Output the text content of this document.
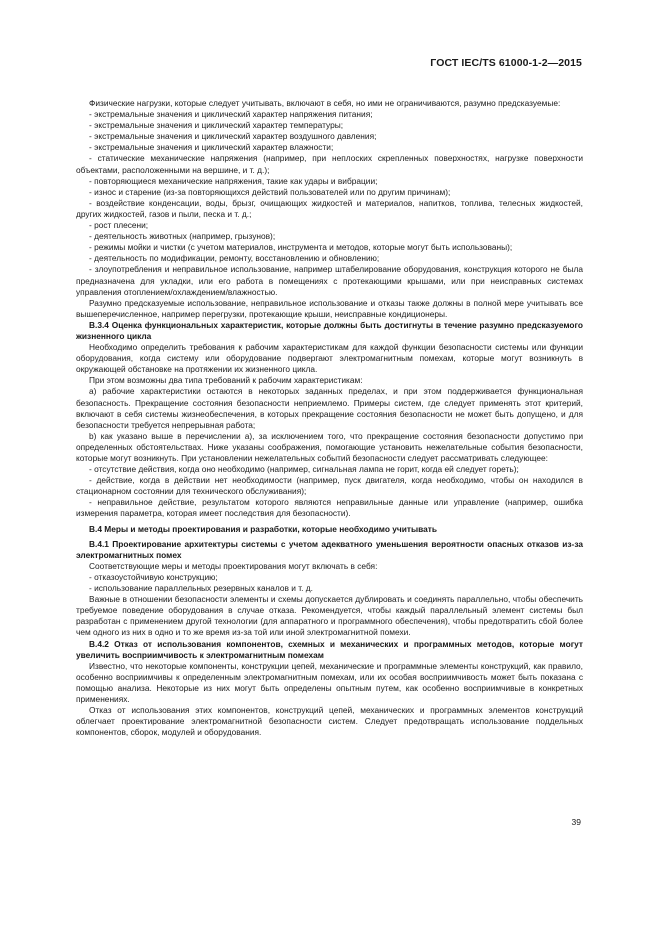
ГОСТ IEC/TS 61000-1-2—2015

Физические нагрузки, которые следует учитывать, включают в себя, но ими не ограничиваются, разумно предсказуемые:

- экстремальные значения и циклический характер напряжения питания;

- экстремальные значения и циклический характер температуры;

- экстремальные значения и циклический характер воздушного давления;

- экстремальные значения и циклический характер влажности;

- статические механические напряжения (например, при неплоских скрепленных поверхностях, нагрузке поверхности объектами, расположенными на вершине, и т. д.);

- повторяющиеся механические напряжения, такие как удары и вибрации;

- износ и старение (из-за повторяющихся действий пользователей или по другим причинам);

- воздействие конденсации, воды, брызг, очищающих жидкостей и материалов, напитков, топлива, телесных жидкостей, других жидкостей, газов и пыли, песка и т. д.;

- рост плесени;

- деятельность животных (например, грызунов);

- режимы мойки и чистки (с учетом материалов, инструмента и методов, которые могут быть использованы);

- деятельность по модификации, ремонту, восстановлению и обновлению;

- злоупотребления и неправильное использование, например штабелирование оборудования, конструкция которого не была предназначена для укладки, или его работа в помещениях с протекающими крышами, или при неисправных системах управления отоплением/охлаждением/влажностью.

Разумно предсказуемые использование, неправильное использование и отказы также должны в полной мере учитывать все вышеперечисленное, например перегрузки, протекающие крыши, неисправные кондиционеры.

В.3.4 Оценка функциональных характеристик, которые должны быть достигнуты в течение разумно предсказуемого жизненного цикла

Необходимо определить требования к рабочим характеристикам для каждой функции безопасности системы или функции оборудования, когда систему или оборудование подвергают электромагнитным помехам, которые могут возникнуть в окружающей обстановке на протяжении их жизненного цикла.

При этом возможны два типа требований к рабочим характеристикам:

а) рабочие характеристики остаются в некоторых заданных пределах, и при этом поддерживается функциональная безопасность. Прекращение состояния безопасности неприемлемо. Примеры систем, где следует применять этот критерий, включают в себя системы жизнеобеспечения, в которых прекращение состояния безопасности не может быть допущено, и для безопасности требуется непрерывная работа;

b) как указано выше в перечислении а), за исключением того, что прекращение состояния безопасности допустимо при определенных обстоятельствах. Ниже указаны соображения, помогающие установить нежелательные события безопасности, которые могут возникнуть. При установлении нежелательных событий безопасности следует рассматривать следующее:

- отсутствие действия, когда оно необходимо (например, сигнальная лампа не горит, когда ей следует гореть);

- действие, когда в действии нет необходимости (например, пуск двигателя, когда необходимо, чтобы он находился в стационарном состоянии для технического обслуживания);

- неправильное действие, результатом которого являются неправильные данные или управление (например, ошибка измерения параметра, которая имеет последствия для безопасности).

В.4 Меры и методы проектирования и разработки, которые необходимо учитывать

В.4.1 Проектирование архитектуры системы с учетом адекватного уменьшения вероятности опасных отказов из-за электромагнитных помех

Соответствующие меры и методы проектирования могут включать в себя:

- отказоустойчивую конструкцию;

- использование параллельных резервных каналов и т. д.

Важные в отношении безопасности элементы и схемы допускается дублировать и соединять параллельно, чтобы обеспечить требуемое поведение оборудования в случае отказа. Рекомендуется, чтобы каждый параллельный элемент системы был разработан с применением другой технологии (для аппаратного и программного обеспечения), чтобы предотвратить сбой более чем одного из них в одно и то же время из-за той или иной электромагнитной помехи.

В.4.2 Отказ от использования компонентов, схемных и механических и программных методов, которые могут увеличить восприимчивость к электромагнитным помехам

Известно, что некоторые компоненты, конструкции цепей, механические и программные элементы конструкций, как правило, особенно восприимчивы к определенным электромагнитным помехам, или их особая восприимчивость может быть показана с помощью анализа. Некоторые из них могут быть определены опытным путем, как особенно восприимчивые в конкретных применениях.

Отказ от использования этих компонентов, конструкций цепей, механических и программных элементов конструкций облегчает проектирование электромагнитной безопасности систем. Следует предотвращать использование поддельных компонентов, сборок, модулей и оборудования.

39
